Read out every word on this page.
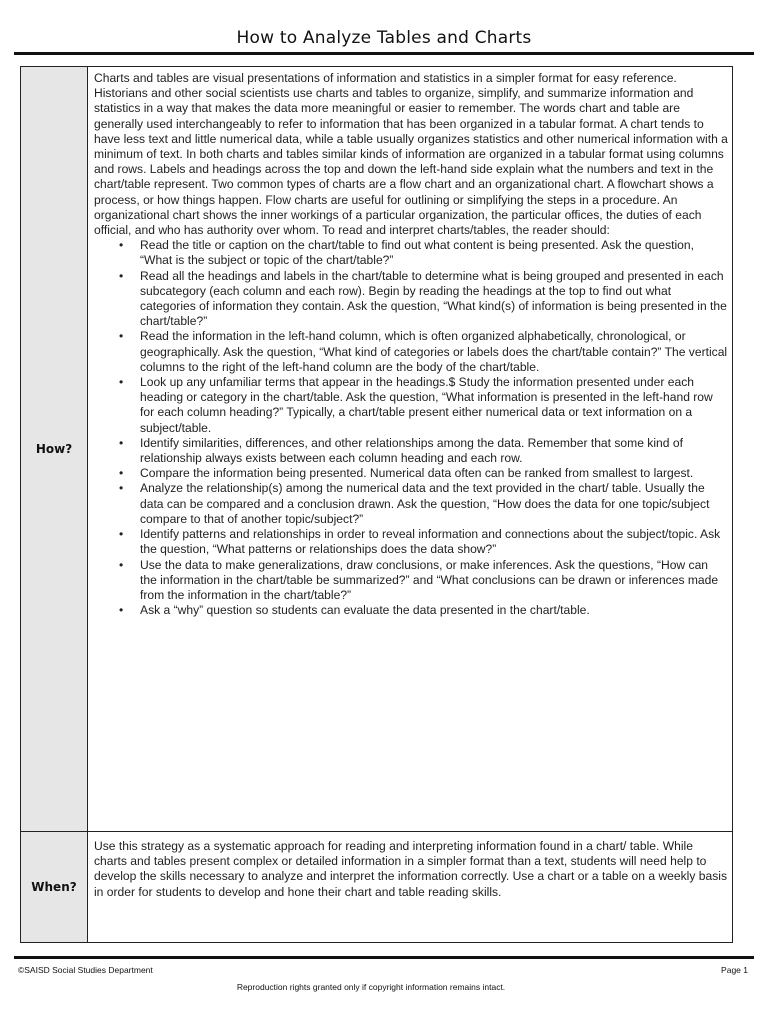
How to Analyze Tables and Charts
How?

Charts and tables are visual presentations of information and statistics in a simpler format for easy reference. Historians and other social scientists use charts and tables to organize, simplify, and summarize information and statistics in a way that makes the data more meaningful or easier to remember. The words chart and table are generally used interchangeably to refer to information that has been organized in a tabular format. A chart tends to have less text and little numerical data, while a table usually organizes statistics and other numerical information with a minimum of text. In both charts and tables similar kinds of information are organized in a tabular format using columns and rows. Labels and headings across the top and down the left-hand side explain what the numbers and text in the chart/table represent. Two common types of charts are a flow chart and an organizational chart. A flowchart shows a process, or how things happen. Flow charts are useful for outlining or simplifying the steps in a procedure. An organizational chart shows the inner workings of a particular organization, the particular offices, the duties of each official, and who has authority over whom. To read and interpret charts/tables, the reader should:

• Read the title or caption on the chart/table to find out what content is being presented. Ask the question, “What is the subject or topic of the chart/table?”
• Read all the headings and labels in the chart/table to determine what is being grouped and presented in each subcategory (each column and each row). Begin by reading the headings at the top to find out what categories of information they contain. Ask the question, “What kind(s) of information is being presented in the chart/table?”
• Read the information in the left-hand column, which is often organized alphabetically, chronological, or geographically. Ask the question, “What kind of categories or labels does the chart/table contain?” The vertical columns to the right of the left-hand column are the body of the chart/table.
• Look up any unfamiliar terms that appear in the headings.$ Study the information presented under each heading or category in the chart/table. Ask the question, “What information is presented in the left-hand row for each column heading?” Typically, a chart/table present either numerical data or text information on a subject/table.
• Identify similarities, differences, and other relationships among the data. Remember that some kind of relationship always exists between each column heading and each row.
• Compare the information being presented. Numerical data often can be ranked from smallest to largest.
• Analyze the relationship(s) among the numerical data and the text provided in the chart/ table. Usually the data can be compared and a conclusion drawn. Ask the question, “How does the data for one topic/subject compare to that of another topic/subject?”
• Identify patterns and relationships in order to reveal information and connections about the subject/topic. Ask the question, “What patterns or relationships does the data show?”
• Use the data to make generalizations, draw conclusions, or make inferences. Ask the questions, “How can the information in the chart/table be summarized?” and “What conclusions can be drawn or inferences made from the information in the chart/table?”
• Ask a “why” question so students can evaluate the data presented in the chart/table.
When?

Use this strategy as a systematic approach for reading and interpreting information found in a chart/ table. While charts and tables present complex or detailed information in a simpler format than a text, students will need help to develop the skills necessary to analyze and interpret the information correctly. Use a chart or a table on a weekly basis in order for students to develop and hone their chart and table reading skills.

©SAISD Social Studies Department	Page 1
Reproduction rights granted only if copyright information remains intact.
